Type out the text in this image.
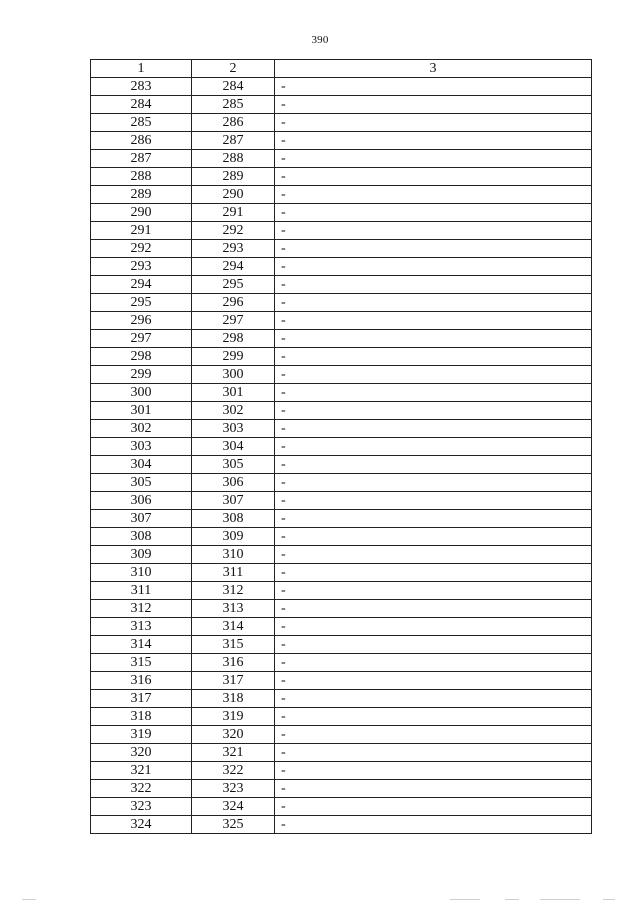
390
1	2	3
283	284	-
284	285	-
285	286	-
286	287	-
287	288	-
288	289	-
289	290	-
290	291	-
291	292	-
292	293	-
293	294	-
294	295	-
295	296	-
296	297	-
297	298	-
298	299	-
299	300	-
300	301	-
301	302	-
302	303	-
303	304	-
304	305	-
305	306	-
306	307	-
307	308	-
308	309	-
309	310	-
310	311	-
311	312	-
312	313	-
313	314	-
314	315	-
315	316	-
316	317	-
317	318	-
318	319	-
319	320	-
320	321	-
321	322	-
322	323	-
323	324	-
324	325	-
